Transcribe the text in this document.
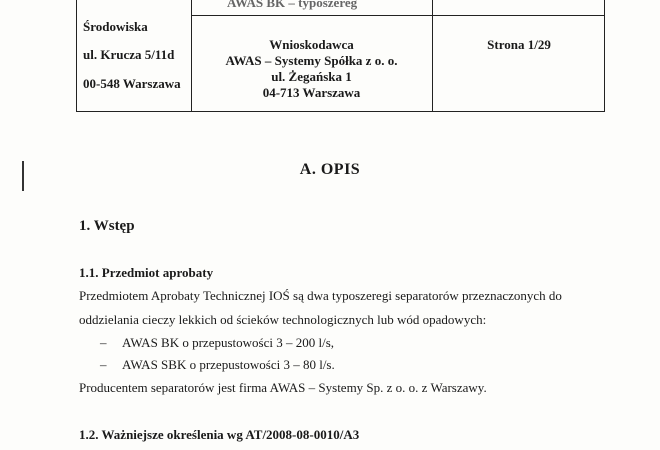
AWAS BK – typoszereg
Środowiska
ul. Krucza 5/11d
00-548 Warszawa
Wnioskodawca
AWAS – Systemy Spółka z o. o.
ul. Żegańska 1
04-713 Warszawa
Strona 1/29
A. OPIS
1. Wstęp
1.1. Przedmiot aprobaty
Przedmiotem Aprobaty Technicznej IOŚ są dwa typoszeregi separatorów przeznaczonych do
oddzielania cieczy lekkich od ścieków technologicznych lub wód opadowych:
– AWAS BK o przepustowości 3 – 200 l/s,
– AWAS SBK o przepustowości 3 – 80 l/s.
Producentem separatorów jest firma AWAS – Systemy Sp. z o. o. z Warszawy.
1.2. Ważniejsze określenia wg AT/2008-08-0010/A3
